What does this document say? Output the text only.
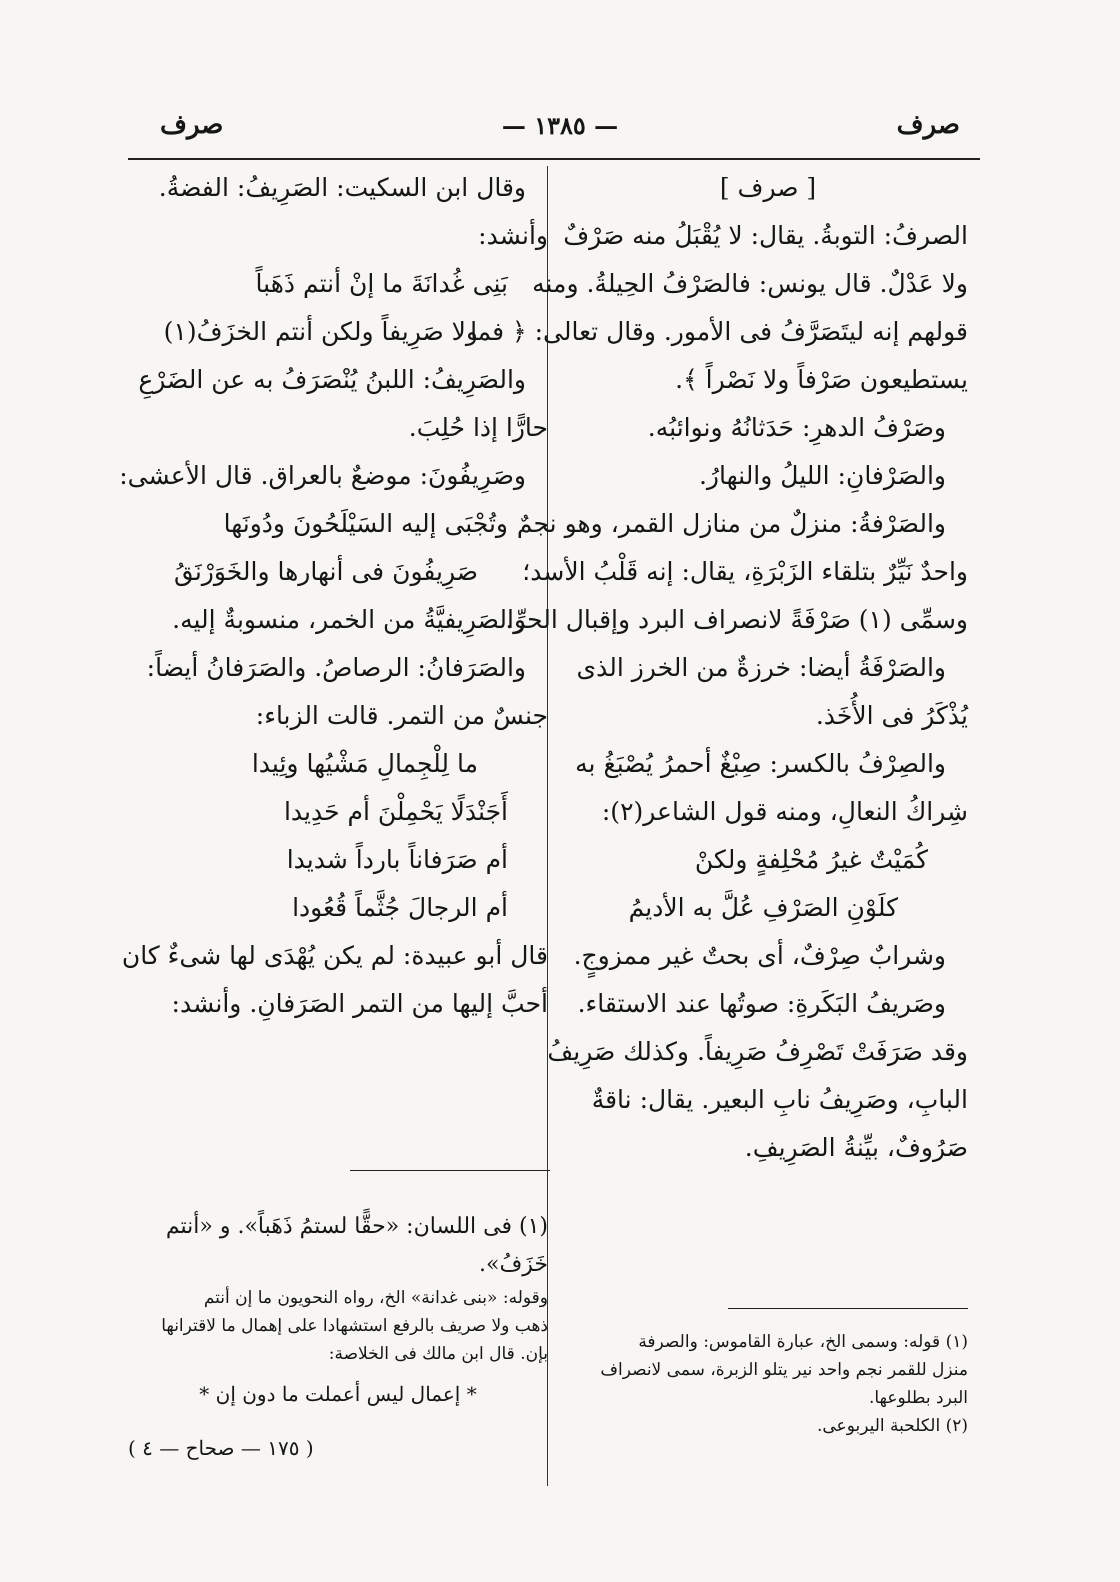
صرف
— ١٣٨٥ —
صرف

[ صرف ]

الصرفُ: التوبةُ. يقال: لا يُقْبَلُ منه صَرْفٌ

ولا عَدْلٌ. قال يونس: فالصَرْفُ الحِيلةُ. ومنه

قولهم إنه ليتَصَرَّفُ فى الأمور. وقال تعالى: ﴿ فما

يستطيعون صَرْفاً ولا نَصْراً ﴾.

وصَرْفُ الدهرِ: حَدَثانُهُ ونوائبُه.

والصَرْفانِ: الليلُ والنهارُ.

والصَرْفةُ: منزلٌ من منازل القمر، وهو نجمٌ

واحدٌ نَيِّرٌ بتلقاء الزَبْرَةِ، يقال: إنه قَلْبُ الأسد؛

وسمِّى (١) صَرْفَةً لانصراف البرد وإقبال الحرِّ.

والصَرْفَةُ أيضا: خرزةٌ من الخرز الذى

يُذْكَرُ فى الأُخَذ.

والصِرْفُ بالكسر: صِبْغٌ أحمرُ يُصْبَغُ به

شِراكُ النعالِ، ومنه قول الشاعر(٢):

كُمَيْتٌ غيرُ مُحْلِفةٍ ولكنْ

كلَوْنِ الصَرْفِ عُلَّ به الأديمُ

وشرابٌ صِرْفٌ، أى بحتٌ غير ممزوجٍ.

وصَريفُ البَكَرةِ: صوتُها عند الاستقاء.

وقد صَرَفَتْ تَصْرِفُ صَرِيفاً. وكذلك صَرِيفُ

البابِ، وصَرِيفُ نابِ البعير. يقال: ناقةٌ

صَرُوفٌ، بيِّنةُ الصَرِيفِ.

وقال ابن السكيت: الصَرِيفُ: الفضةُ.

وأنشد:

بَنِى غُدانَةَ ما إنْ أنتم ذَهَباً

ولا صَرِيفاً ولكن أنتم الخزَفُ(١)

والصَرِيفُ: اللبنُ يُنْصَرَفُ به عن الضَرْعِ

حارًّا إذا حُلِبَ.

وصَرِيفُونَ: موضعٌ بالعراق. قال الأعشى:

وتُجْبَى إليه السَيْلَحُونَ ودُونَها

صَرِيفُونَ فى أنهارها والخَوَرْنَقُ

والصَرِيفيَّةُ من الخمر، منسوبةٌ إليه.

والصَرَفانُ: الرصاصُ. والصَرَفانُ أيضاً:

جنسٌ من التمر. قالت الزباء:

ما لِلْجِمالِ مَشْيُها وئِيدا

أَجَنْدَلًا يَحْمِلْنَ أم حَدِيدا

أم صَرَفاناً بارداً شديدا

أم الرجالَ جُثَّماً قُعُودا

قال أبو عبيدة: لم يكن يُهْدَى لها شىءٌ كان

أحبَّ إليها من التمر الصَرَفانِ. وأنشد:

(١) فى اللسان: «حقًّا لستمُ ذَهَباً». و «أنتم

خَزَفُ».

وقوله: «بنى غدانة» الخ، رواه النحويون ما إن أنتم

ذهب ولا صريف بالرفع استشهادا على إهمال ما لاقترانها

بإن. قال ابن مالك فى الخلاصة:

* إعمال ليس أعملت ما دون إن *

(١) قوله: وسمى الخ، عبارة القاموس: والصرفة

منزل للقمر نجم واحد نير يتلو الزبرة، سمى لانصراف

البرد بطلوعها.

(٢) الكلحبة اليربوعى.

( ١٧٥ — صحاح — ٤ )
